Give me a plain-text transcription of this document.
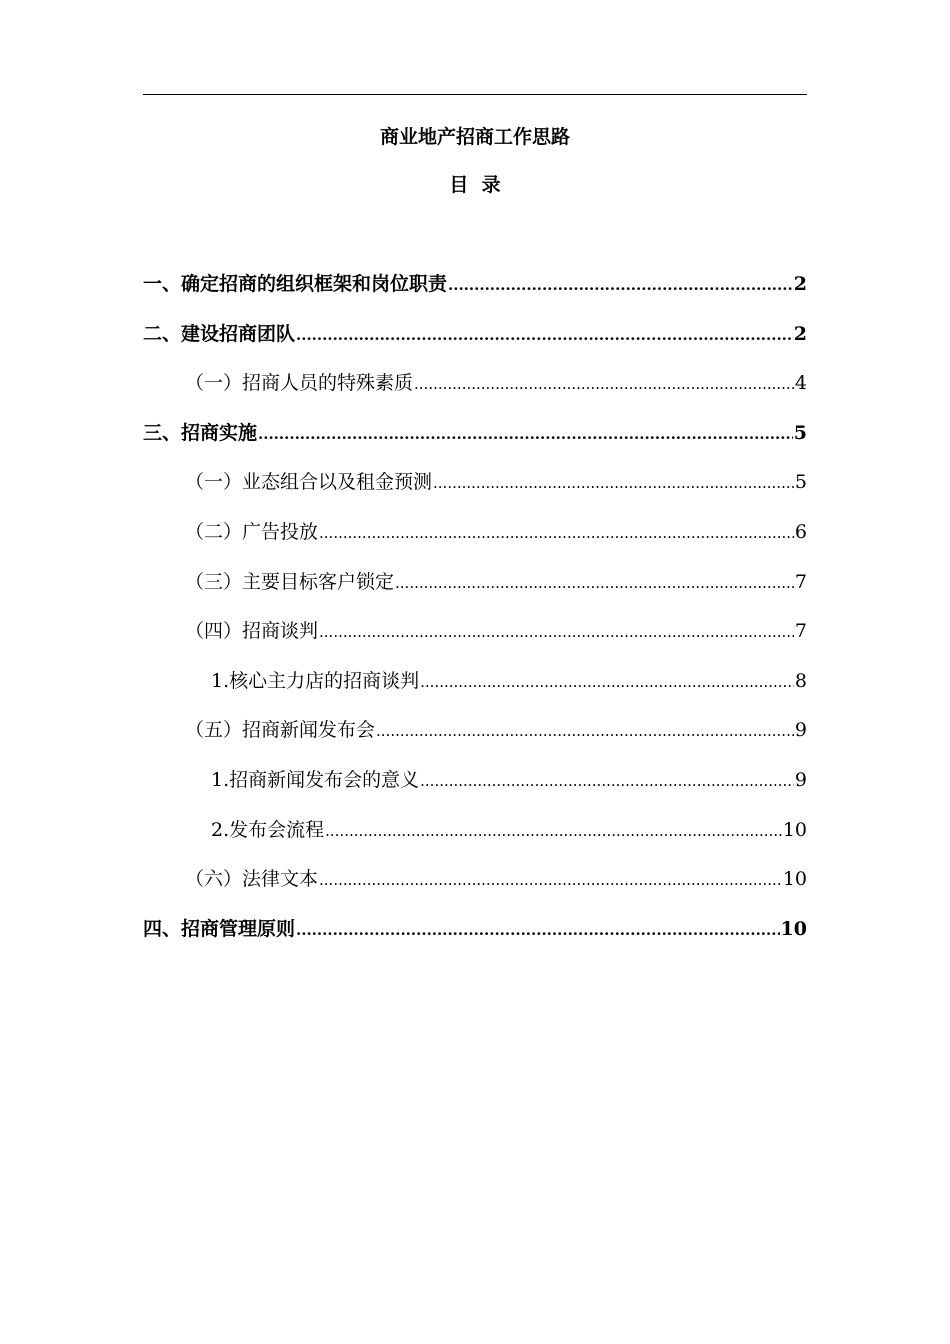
商业地产招商工作思路
目  录
一、确定招商的组织框架和岗位职责 .....	2
二、建设招商团队 .....	2
（一）招商人员的特殊素质 .....	4
三、招商实施 .....	5
（一）业态组合以及租金预测 .....	5
（二）广告投放 .....	6
（三）主要目标客户锁定 .....	7
（四）招商谈判 .....	7
1.核心主力店的招商谈判 .....	8
（五）招商新闻发布会 .....	9
1.招商新闻发布会的意义 .....	9
2.发布会流程 .....	10
（六）法律文本 .....	10
四、招商管理原则 .....	10
